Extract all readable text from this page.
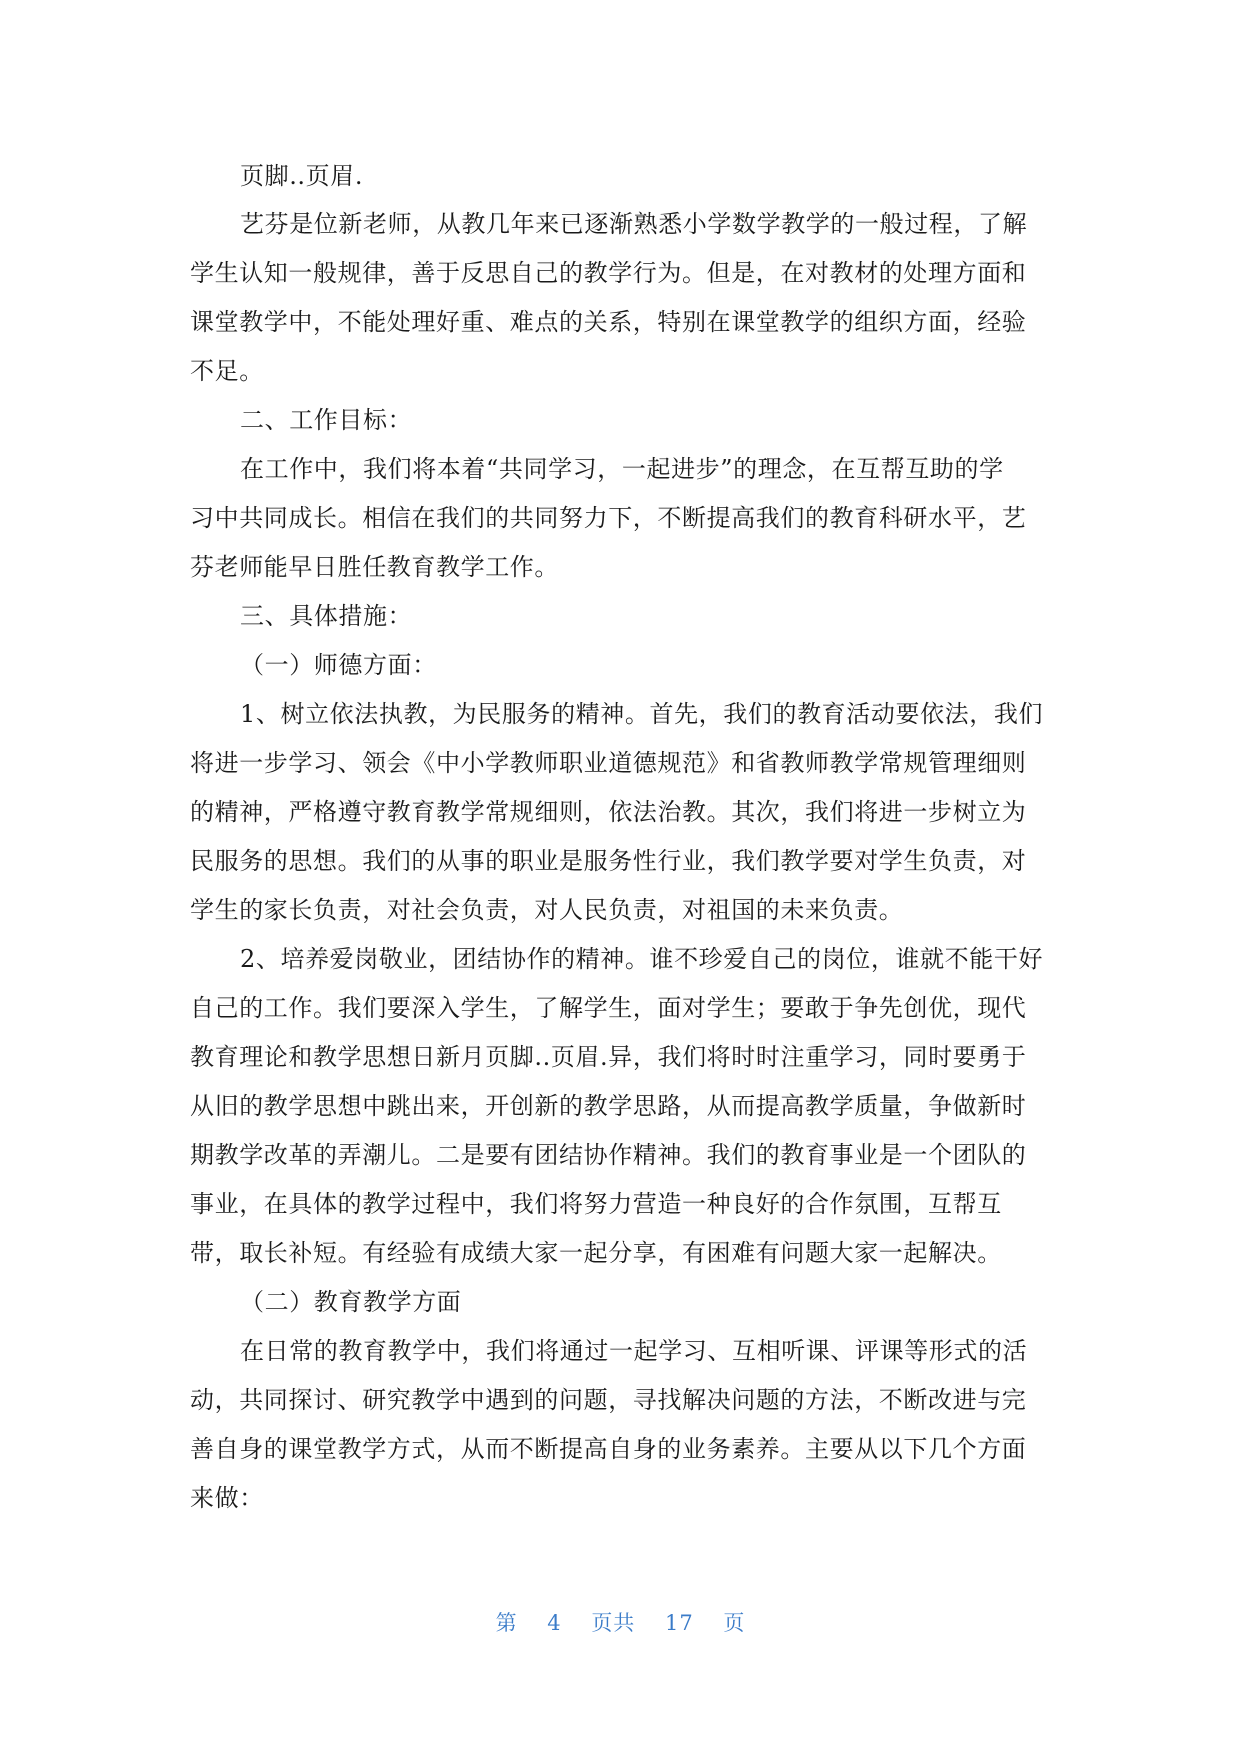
页脚..页眉.
艺芬是位新老师，从教几年来已逐渐熟悉小学数学教学的一般过程，了解
学生认知一般规律，善于反思自己的教学行为。但是，在对教材的处理方面和
课堂教学中，不能处理好重、难点的关系，特别在课堂教学的组织方面，经验
不足。
二、工作目标：
在工作中，我们将本着“共同学习，一起进步”的理念，在互帮互助的学
习中共同成长。相信在我们的共同努力下，不断提高我们的教育科研水平，艺
芬老师能早日胜任教育教学工作。
三、具体措施：
（一）师德方面：
1、树立依法执教，为民服务的精神。首先，我们的教育活动要依法，我们
将进一步学习、领会《中小学教师职业道德规范》和省教师教学常规管理细则
的精神，严格遵守教育教学常规细则，依法治教。其次，我们将进一步树立为
民服务的思想。我们的从事的职业是服务性行业，我们教学要对学生负责，对
学生的家长负责，对社会负责，对人民负责，对祖国的未来负责。
2、培养爱岗敬业，团结协作的精神。谁不珍爱自己的岗位，谁就不能干好
自己的工作。我们要深入学生，了解学生，面对学生；要敢于争先创优，现代
教育理论和教学思想日新月页脚..页眉.异，我们将时时注重学习，同时要勇于
从旧的教学思想中跳出来，开创新的教学思路，从而提高教学质量，争做新时
期教学改革的弄潮儿。二是要有团结协作精神。我们的教育事业是一个团队的
事业，在具体的教学过程中，我们将努力营造一种良好的合作氛围，互帮互
带，取长补短。有经验有成绩大家一起分享，有困难有问题大家一起解决。
（二）教育教学方面
在日常的教育教学中，我们将通过一起学习、互相听课、评课等形式的活
动，共同探讨、研究教学中遇到的问题，寻找解决问题的方法，不断改进与完
善自身的课堂教学方式，从而不断提高自身的业务素养。主要从以下几个方面
来做：
第 4 页共 17 页
